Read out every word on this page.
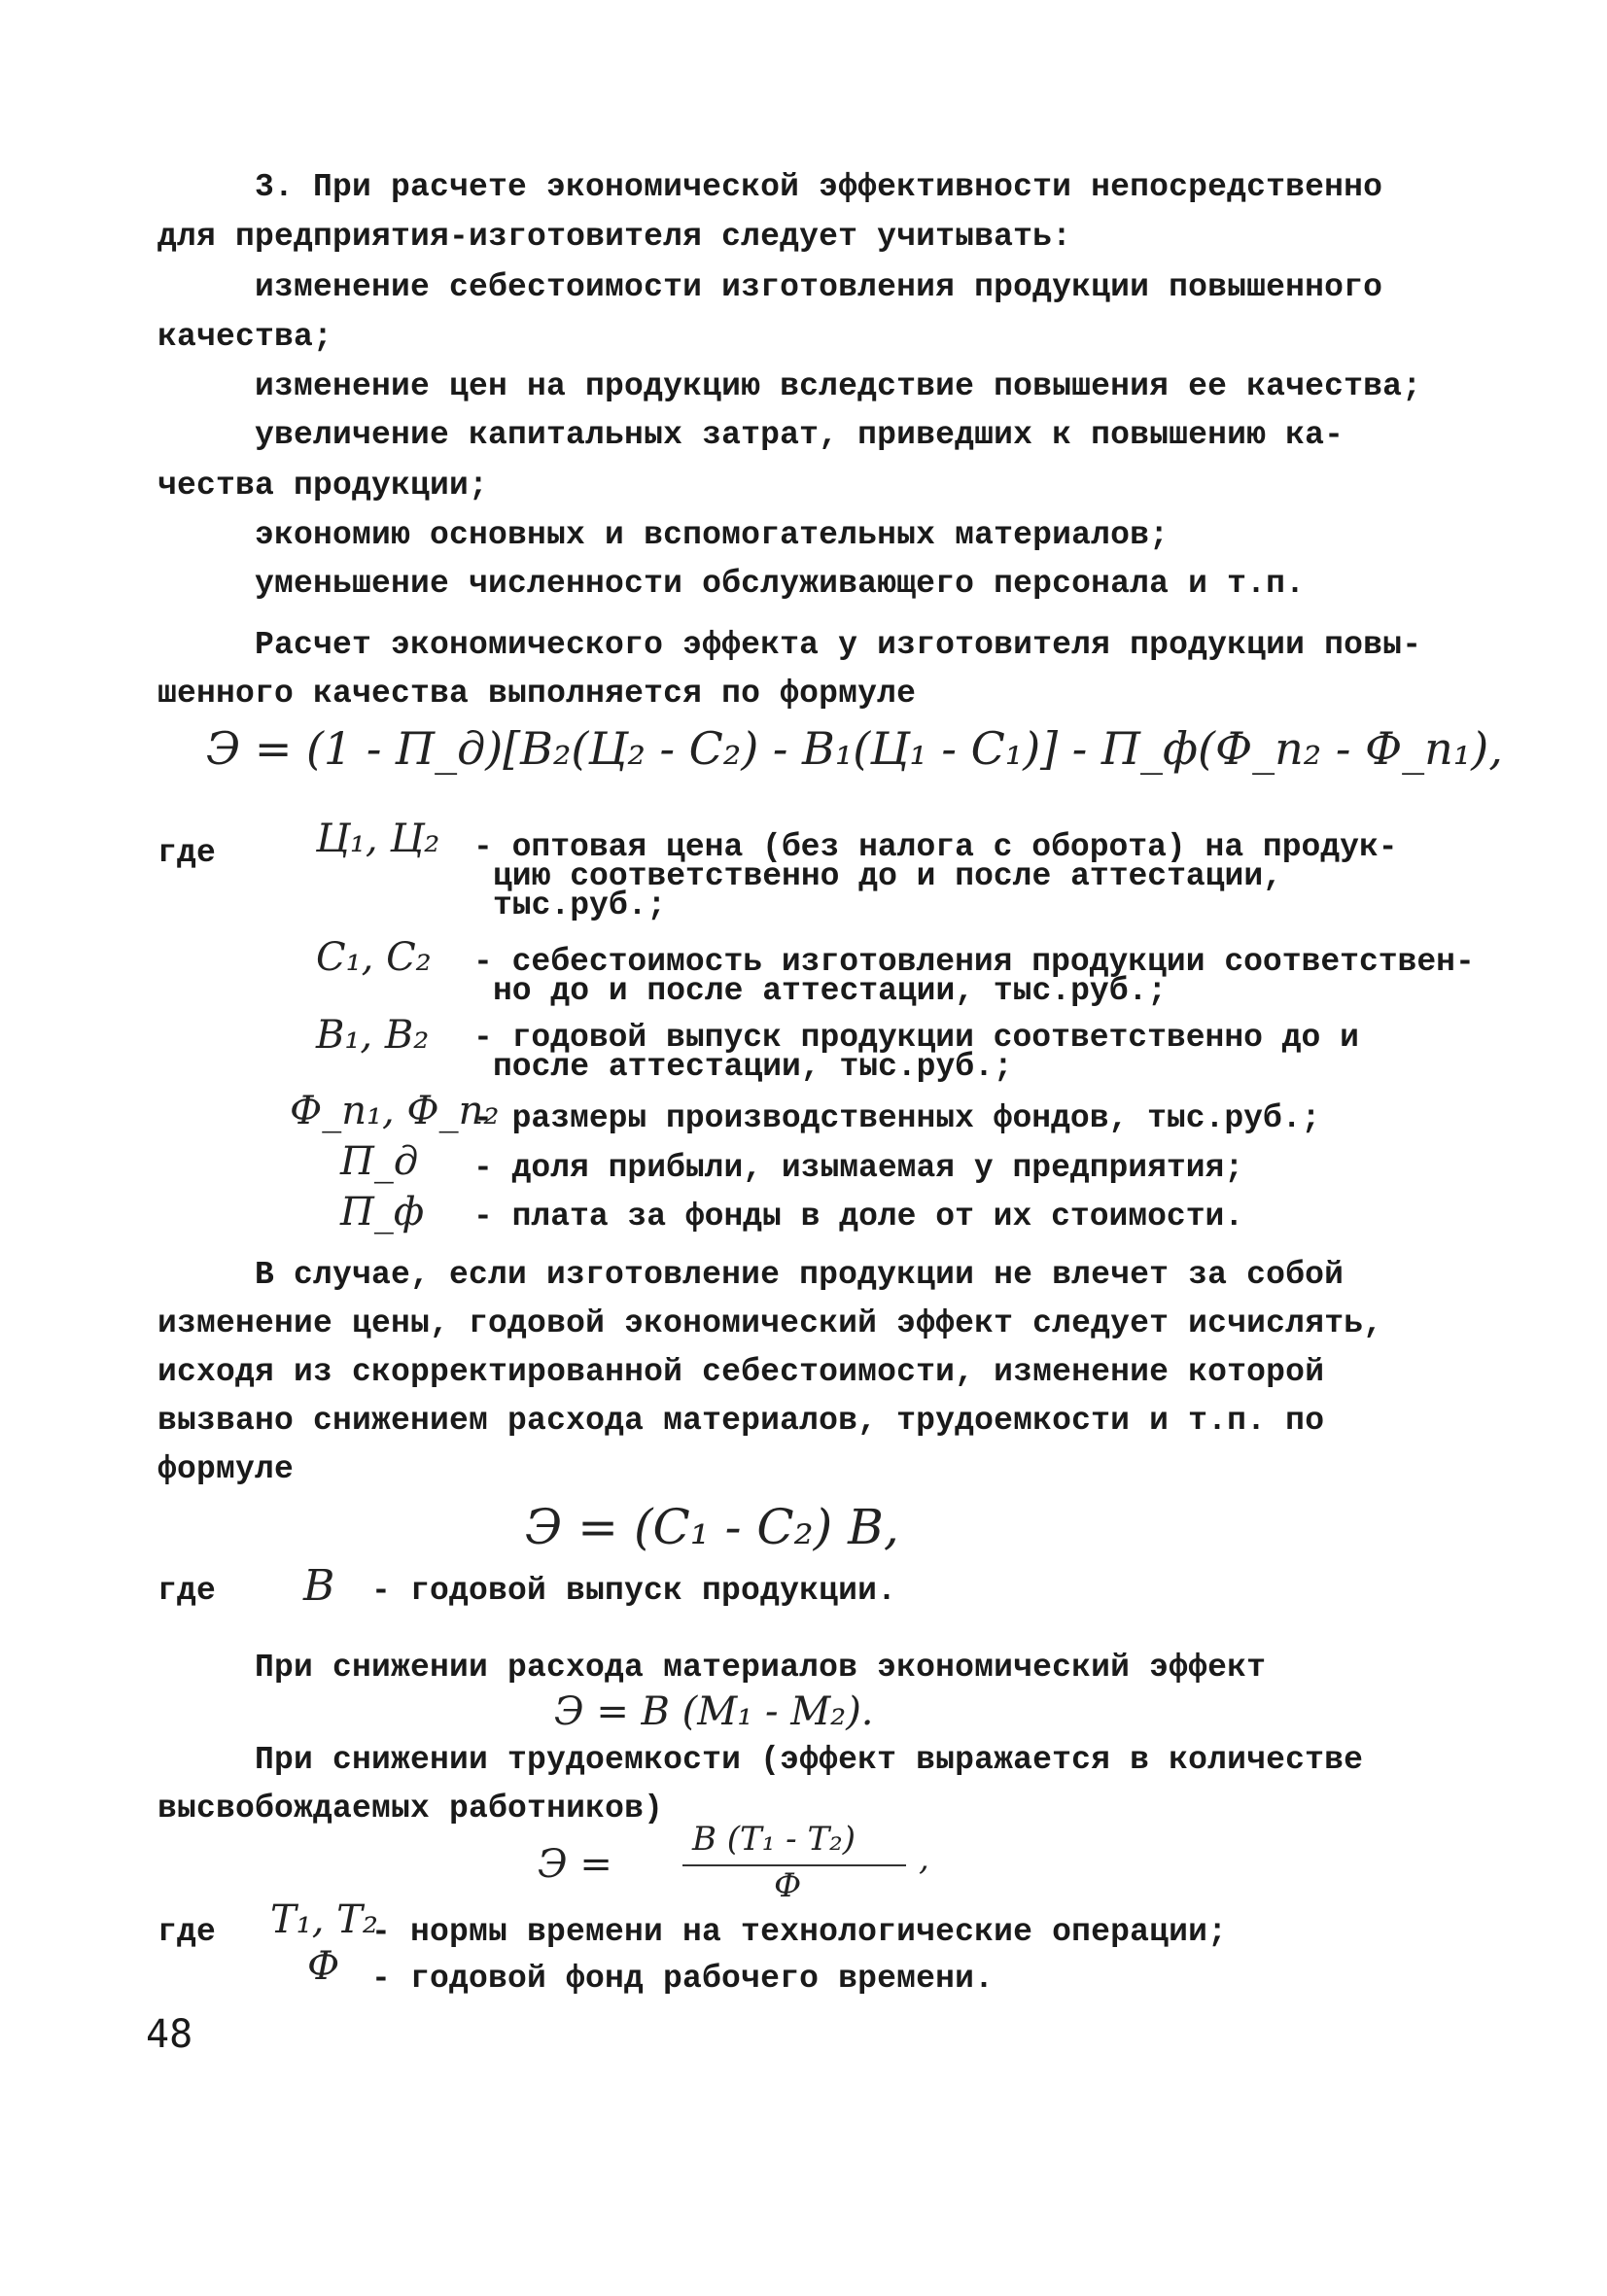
3. При расчете экономической эффективности непосредственно
для предприятия-изготовителя следует учитывать:
изменение себестоимости изготовления продукции повышенного
качества;
изменение цен на продукцию вследствие повышения ее качества;
увеличение капитальных затрат, приведших к повышению ка-
чества продукции;
экономию основных и вспомогательных материалов;
уменьшение численности обслуживающего персонала и т.п.
Расчет экономического эффекта у изготовителя продукции повы-
шенного качества выполняется по формуле
Э = (1 - П_д)[В₂(Ц₂ - С₂) - В₁(Ц₁ - С₁)] - П_ф(Ф_п₂ - Ф_п₁),
где	Ц₁, Ц₂ - оптовая цена (без налога с оборота) на продук-
цию соответственно до и после аттестации,
тыс.руб.;
С₁, С₂ - себестоимость изготовления продукции соответствен-
но до и после аттестации, тыс.руб.;
В₁, В₂ - годовой выпуск продукции соответственно до и
после аттестации, тыс.руб.;
Ф_п₁, Ф_п₂
- размеры производственных фондов, тыс.руб.;
П_д - доля прибыли, изымаемая у предприятия;
П_ф - плата за фонды в доле от их стоимости.
В случае, если изготовление продукции не влечет за собой
изменение цены, годовой экономический эффект следует исчислять,
исходя из скорректированной себестоимости, изменение которой
вызвано снижением расхода материалов, трудоемкости и т.п. по
формуле
Э = (С₁ - С₂) В,
где В - годовой выпуск продукции.
При снижении расхода материалов экономический эффект
Э = В (М₁ - М₂).
При снижении трудоемкости (эффект выражается в количестве
высвобождаемых работников)
Э =
В (Т₁ - Т₂)
Ф
,
где Т₁, Т₂
- нормы времени на технологические операции;
Ф - годовой фонд рабочего времени.
48
